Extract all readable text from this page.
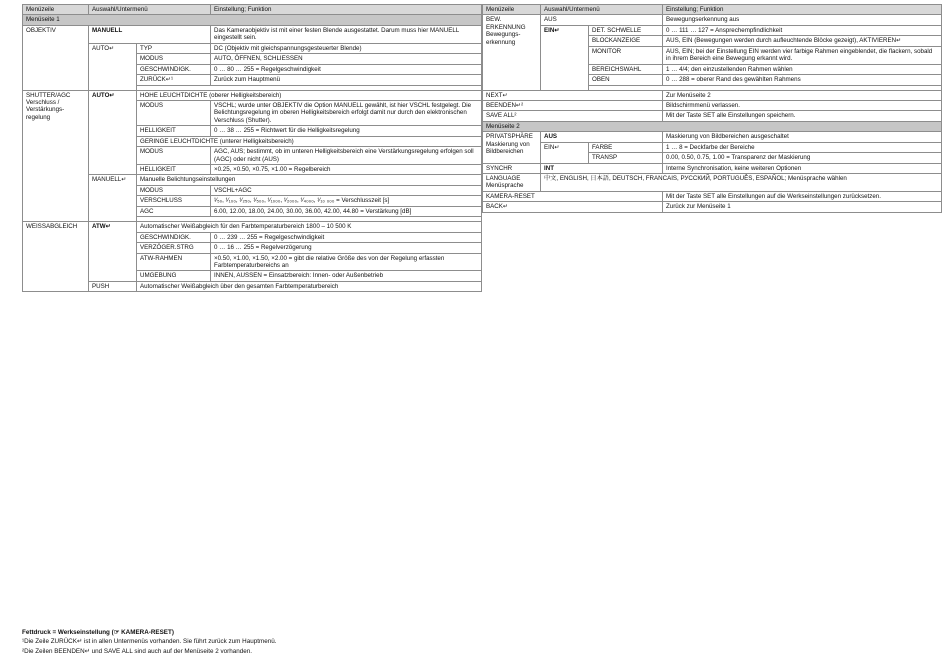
Menüzeile	Auswahl/Untermenü		Einstellung; Funktion
Menüseite 1			
OBJEKTIV	MANUELL		Das Kameraobjektiv ist mit einer festen Blende ausgestattet. Darum muss hier MANUELL eingestellt sein.
	AUTO↵	TYP	DC (Objektiv mit gleichspannungsgesteuerter Blende)
		MODUS	AUTO, ÖFFNEN, SCHLIESSEN
		GESCHWINDIGK.	0 … 80 … 255 = Regelgeschwindigkeit
		ZURÜCK↵¹	Zurück zum Hauptmenü

SHUTTER/AGC Verschluss / Verstärkungs-regelung	AUTO↵	HOHE LEUCHTDICHTE (oberer Helligkeitsbereich)	
		MODUS	VSCHL; wurde unter OBJEKTIV die Option MANUELL gewählt, ist hier VSCHL festgelegt. Die Belichtungsregelung im oberen Helligkeitsbereich erfolgt damit nur durch den elektronischen Verschluss (Shutter).
		HELLIGKEIT	0 … 38 … 255 = Richtwert für die Helligkeitsregelung
		GERINGE LEUCHTDICHTE (unterer Helligkeitsbereich)	
		MODUS	AGC, AUS; bestimmt, ob im unteren Helligkeitsbereich eine Verstärkungsregelung erfolgen soll (AGC) oder nicht (AUS)
		HELLIGKEIT	×0.25, ×0.50, ×0.75, ×1.00 = Regelbereich
	MANUELL↵	Manuelle Belichtungseinstellungen	
		MODUS	VSCHL+AGC
		VERSCHLUSS	¹⁄₅₀, ¹⁄₁₀₀, ¹⁄₂₅₀, ¹⁄₅₀₀, ¹⁄₁₀₀₀, ¹⁄₂₀₀₀, ¹⁄₄₀₀₀, ¹⁄₁₀ ₀₀₀ = Verschlusszeit [s]
		AGC	6.00, 12.00, 18.00, 24.00, 30.00, 36.00, 42.00, 44.80 = Verstärkung [dB]

WEISSABGLEICH	ATW↵	Automatischer Weißabgleich für den Farbtemperaturbereich 1800 – 10 500 K	
		GESCHWINDIGK.	0 … 239 … 255 = Regelgeschwindigkeit
		VERZÖGER.STRG	0 … 16 … 255 = Regelverzögerung
		ATW-RAHMEN	×0.50, ×1.00, ×1.50, ×2.00 = gibt die relative Größe des von der Regelung erfassten Farbtemperaturbereichs an
		UMGEBUNG	INNEN, AUSSEN = Einsatzbereich: Innen- oder Außenbetrieb
	PUSH	Automatischer Weißabgleich über den gesamten Farbtemperaturbereich	
Fettdruck = Werkseinstellung (☞ KAMERA-RESET)
¹Die Zeile ZURÜCK↵ ist in allen Untermenüs vorhanden. Sie führt zurück zum Hauptmenü.
²Die Zeilen BEENDEN↵ und SAVE ALL sind auch auf der Menüseite 2 vorhanden.
Menüzeile	Auswahl/Untermenü		Einstellung; Funktion
BEW. ERKENNUNG Bewegungs-erkennung	AUS		Bewegungserkennung aus
	EIN↵	DET. SCHWELLE	0 … 111 … 127 = Ansprechempfindlichkeit
		BLOCKANZEIGE	AUS, EIN (Bewegungen werden durch aufleuchtende Blöcke gezeigt), AKTIVIEREN↵
		MONITOR	AUS, EIN; bei der Einstellung EIN werden vier farbige Rahmen eingeblendet, die flackern, sobald in ihrem Bereich eine Bewegung erkannt wird.
		BEREICHSWAHL	1 … 4/4; den einzustellenden Rahmen wählen
		OBEN	0 … 288 = oberer Rand des gewählten Rahmens

NEXT↵			Zur Menüseite 2
BEENDEN↵²			Bildschirmmenü verlassen.
SAVE ALL²			Mit der Taste SET alle Einstellungen speichern.
Menüseite 2			
PRIVATSPHÄRE Maskierung von Bildbereichen	AUS		Maskierung von Bildbereichen ausgeschaltet
	EIN↵	FARBE	1 … 8 = Deckfarbe der Bereiche
		TRANSP	0.00, 0.50, 0.75, 1.00 = Transparenz der Maskierung
SYNCHR	INT		Interne Synchronisation, keine weiteren Optionen
LANGUAGE Menüsprache	中文, ENGLISH, 日本語, DEUTSCH, FRANCAIS, РУССКИЙ, PORTUGUÊS, ESPAÑOL; Menüsprache wählen		
KAMERA-RESET			Mit der Taste SET alle Einstellungen auf die Werkseinstellungen zurücksetzen.
BACK↵			Zurück zur Menüseite 1
